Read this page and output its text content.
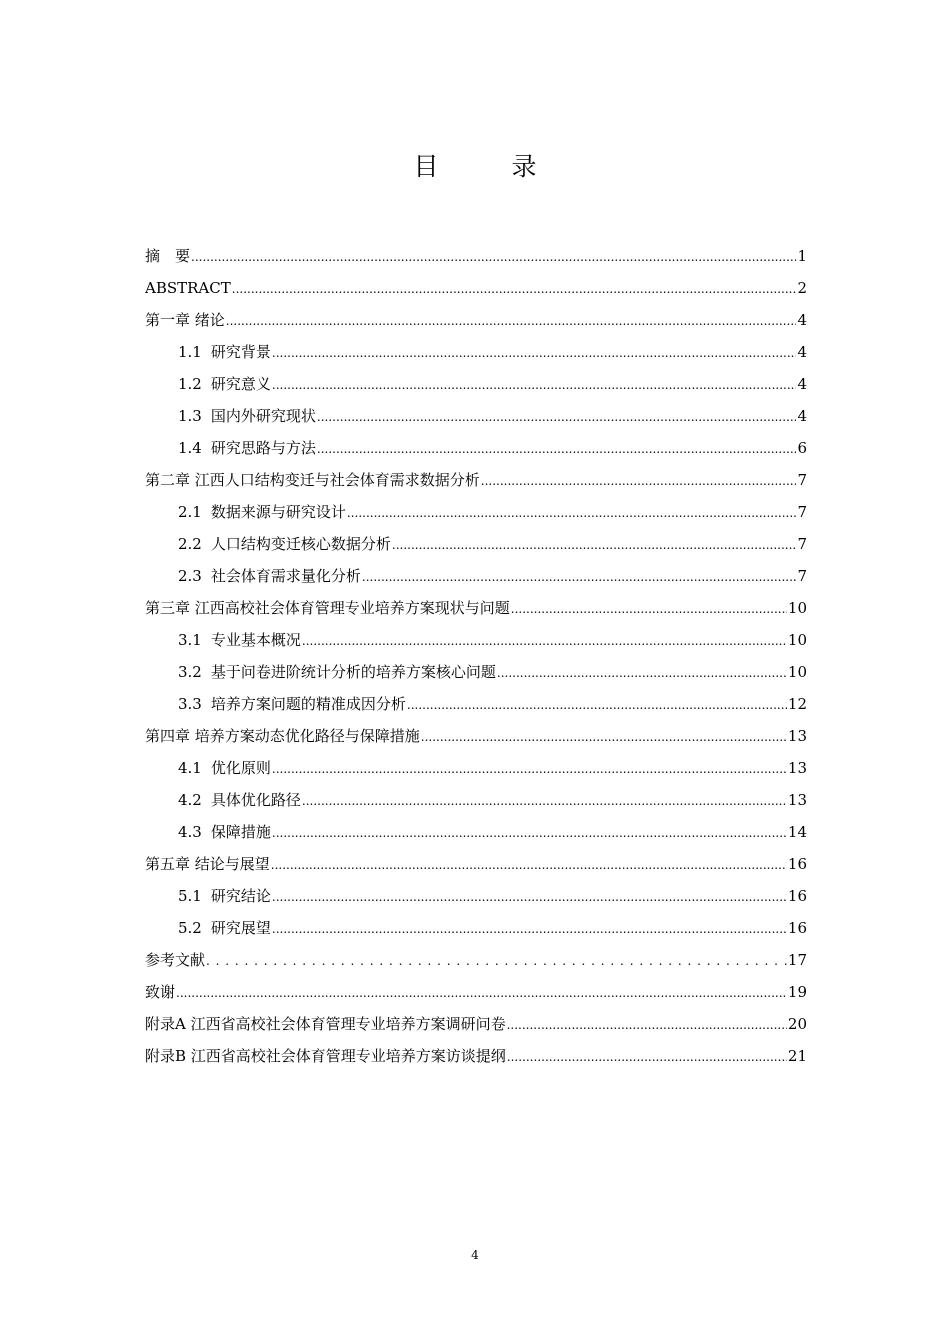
目　录
摘　要 .....	1
ABSTRACT .....	2
第一章 绪论 .....	4
1.1 研究背景 .....	4
1.2 研究意义 .....	4
1.3 国内外研究现状 .....	4
1.4 研究思路与方法 .....	6
第二章 江西人口结构变迁与社会体育需求数据分析 .....	7
2.1 数据来源与研究设计 .....	7
2.2 人口结构变迁核心数据分析 .....	7
2.3 社会体育需求量化分析 .....	7
第三章 江西高校社会体育管理专业培养方案现状与问题 .....	10
3.1 专业基本概况 .....	10
3.2 基于问卷进阶统计分析的培养方案核心问题 .....	10
3.3 培养方案问题的精准成因分析 .....	12
第四章 培养方案动态优化路径与保障措施 .....	13
4.1 优化原则 .....	13
4.2 具体优化路径 .....	13
4.3 保障措施 .....	14
第五章 结论与展望 .....	16
5.1 研究结论 .....	16
5.2 研究展望 .....	16
参考文献 . . .	17
致谢 .....	19
附录A 江西省高校社会体育管理专业培养方案调研问卷 .....	20
附录B 江西省高校社会体育管理专业培养方案访谈提纲 .....	21
4
